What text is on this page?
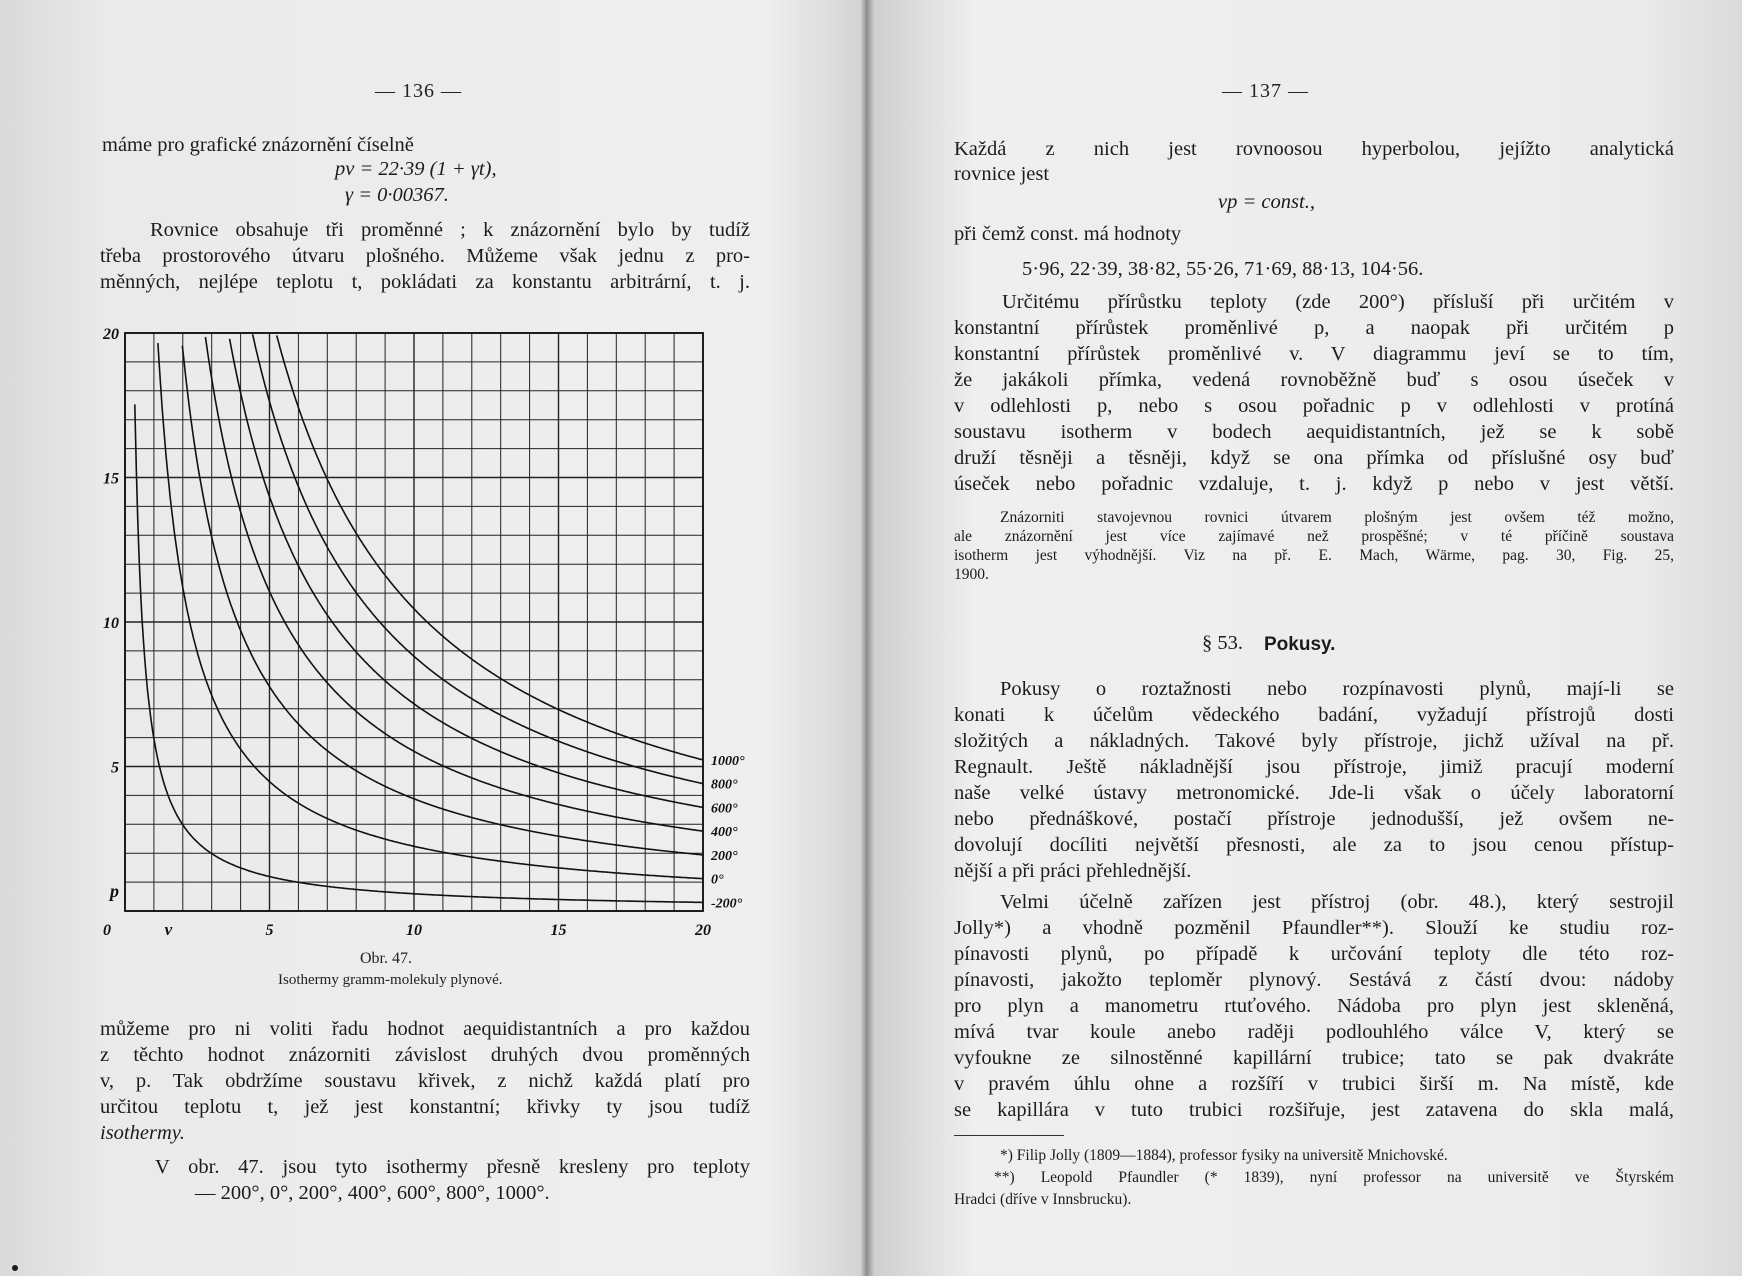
— 136 —
máme pro grafické znázornění číselně
pv = 22·39 (1 + γt),
γ = 0·00367.
Rovnice obsahuje tři proměnné ; k znázornění bylo by tudíž
třeba prostorového útvaru plošného. Můžeme však jednu z pro-
měnných, nejlépe teplotu t, pokládati za konstantu arbitrární, t. j.
1000°
800°
600°
400°
200°
0°
-200°
20
15
10
5
0	5	10	15	20
v
p
Obr. 47.
Isothermy gramm-molekuly plynové.
můžeme pro ni voliti řadu hodnot aequidistantních a pro každou
z těchto hodnot znázorniti závislost druhých dvou proměnných
v, p. Tak obdržíme soustavu křivek, z nichž každá platí pro
určitou teplotu t, jež jest konstantní; křivky ty jsou tudíž
isothermy.
V obr. 47. jsou tyto isothermy přesně kresleny pro teploty
— 200°, 0°, 200°, 400°, 600°, 800°, 1000°.
— 137 —
Každá z nich jest rovnoosou hyperbolou, jejížto analytická
rovnice jest
vp = const.,
při čemž const. má hodnoty
5·96, 22·39, 38·82, 55·26, 71·69, 88·13, 104·56.
Určitému přírůstku teploty (zde 200°) přísluší při určitém v
konstantní přírůstek proměnlivé p, a naopak při určitém p
konstantní přírůstek proměnlivé v. V diagrammu jeví se to tím,
že jakákoli přímka, vedená rovnoběžně buď s osou úseček v
v odlehlosti p, nebo s osou pořadnic p v odlehlosti v protíná
soustavu isotherm v bodech aequidistantních, jež se k sobě
druží těsněji a těsněji, když se ona přímka od příslušné osy buď
úseček nebo pořadnic vzdaluje, t. j. když p nebo v jest větší.
Znázorniti stavojevnou rovnici útvarem plošným jest ovšem též možno,
ale znázornění jest více zajímavé než prospěšné; v té příčině soustava
isotherm jest výhodnější. Viz na př. E. Mach, Wärme, pag. 30, Fig. 25,
1900.
§ 53. Pokusy.
Pokusy o roztažnosti nebo rozpínavosti plynů, mají-li se
konati k účelům vědeckého badání, vyžadují přístrojů dosti
složitých a nákladných. Takové byly přístroje, jichž užíval na př.
Regnault. Ještě nákladnější jsou přístroje, jimiž pracují moderní
naše velké ústavy metronomické. Jde-li však o účely laboratorní
nebo přednáškové, postačí přístroje jednodušší, jež ovšem ne-
dovolují docíliti největší přesnosti, ale za to jsou cenou přístup-
nější a při práci přehlednější.
Velmi účelně zařízen jest přístroj (obr. 48.), který sestrojil
Jolly*) a vhodně pozměnil Pfaundler**). Slouží ke studiu roz-
pínavosti plynů, po případě k určování teploty dle této roz-
pínavosti, jakožto teploměr plynový. Sestává z částí dvou: nádoby
pro plyn a manometru rtuťového. Nádoba pro plyn jest skleněná,
mívá tvar koule anebo raději podlouhlého válce V, který se
vyfoukne ze silnostěnné kapillární trubice; tato se pak dvakráte
v pravém úhlu ohne a rozšíří v trubici širší m. Na místě, kde
se kapillára v tuto trubici rozšiřuje, jest zatavena do skla malá,
*) Filip Jolly (1809—1884), professor fysiky na universitě Mnichovské.
**) Leopold Pfaundler (* 1839), nyní professor na universitě ve Štyrském
Hradci (dříve v Innsbrucku).
